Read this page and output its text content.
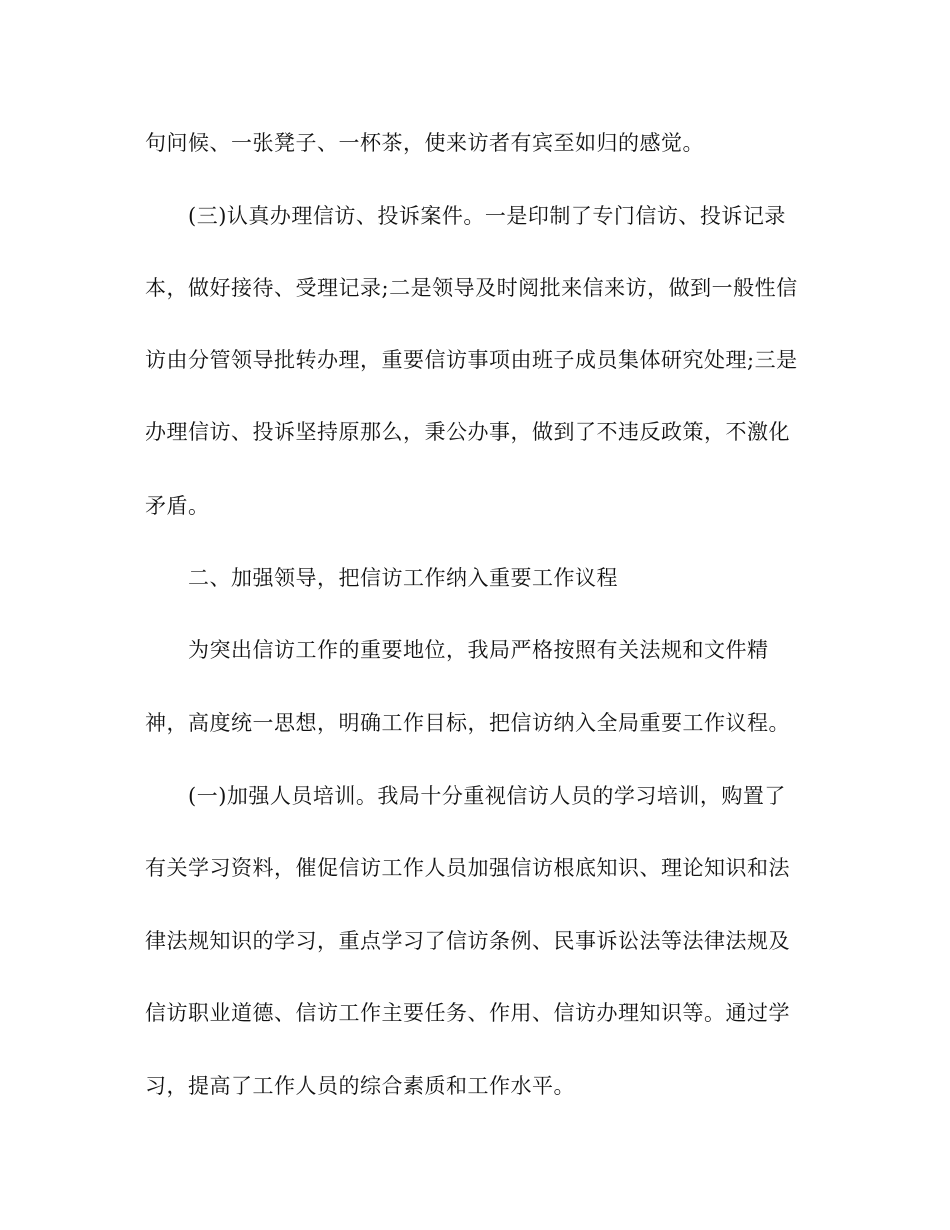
句问候、一张凳子、一杯茶，使来访者有宾至如归的感觉。
(三)认真办理信访、投诉案件。一是印制了专门信访、投诉记录
本，做好接待、受理记录;二是领导及时阅批来信来访，做到一般性信
访由分管领导批转办理，重要信访事项由班子成员集体研究处理;三是
办理信访、投诉坚持原那么，秉公办事，做到了不违反政策，不激化
矛盾。
二、加强领导，把信访工作纳入重要工作议程
为突出信访工作的重要地位，我局严格按照有关法规和文件精
神，高度统一思想，明确工作目标，把信访纳入全局重要工作议程。
(一)加强人员培训。我局十分重视信访人员的学习培训，购置了
有关学习资料，催促信访工作人员加强信访根底知识、理论知识和法
律法规知识的学习，重点学习了信访条例、民事诉讼法等法律法规及
信访职业道德、信访工作主要任务、作用、信访办理知识等。通过学
习，提高了工作人员的综合素质和工作水平。
